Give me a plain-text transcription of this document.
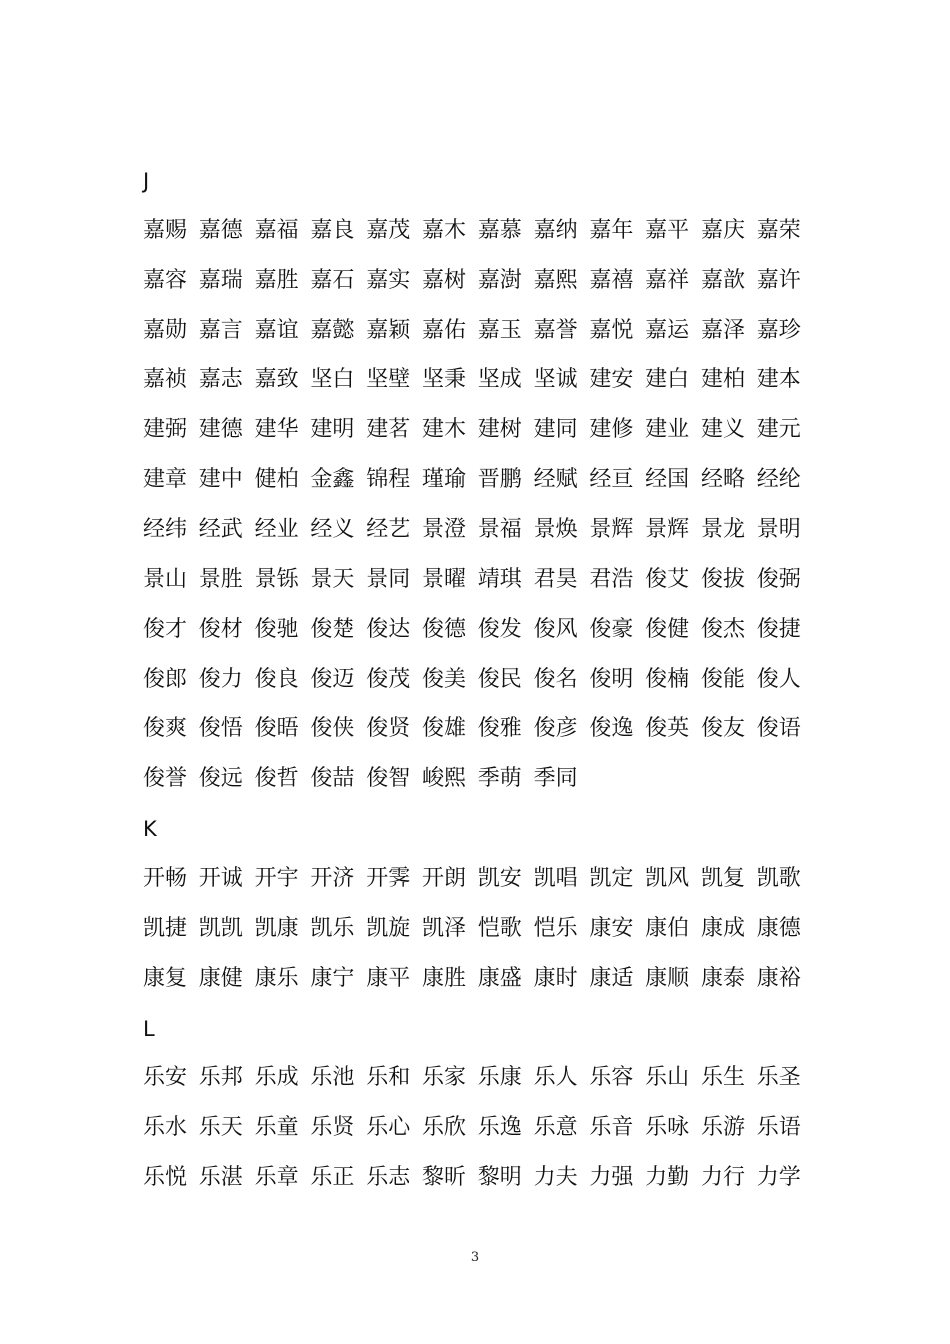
J
嘉赐 嘉德 嘉福 嘉良 嘉茂 嘉木 嘉慕 嘉纳 嘉年 嘉平 嘉庆 嘉荣
嘉容 嘉瑞 嘉胜 嘉石 嘉实 嘉树 嘉澍 嘉熙 嘉禧 嘉祥 嘉歆 嘉许
嘉勋 嘉言 嘉谊 嘉懿 嘉颖 嘉佑 嘉玉 嘉誉 嘉悦 嘉运 嘉泽 嘉珍
嘉祯 嘉志 嘉致 坚白 坚壁 坚秉 坚成 坚诚 建安 建白 建柏 建本
建弼 建德 建华 建明 建茗 建木 建树 建同 建修 建业 建义 建元
建章 建中 健柏 金鑫 锦程 瑾瑜 晋鹏 经赋 经亘 经国 经略 经纶
经纬 经武 经业 经义 经艺 景澄 景福 景焕 景辉 景辉 景龙 景明
景山 景胜 景铄 景天 景同 景曜 靖琪 君昊 君浩 俊艾 俊拔 俊弼
俊才 俊材 俊驰 俊楚 俊达 俊德 俊发 俊风 俊豪 俊健 俊杰 俊捷
俊郎 俊力 俊良 俊迈 俊茂 俊美 俊民 俊名 俊明 俊楠 俊能 俊人
俊爽 俊悟 俊晤 俊侠 俊贤 俊雄 俊雅 俊彦 俊逸 俊英 俊友 俊语
俊誉 俊远 俊哲 俊喆 俊智 峻熙 季萌 季同
K
开畅 开诚 开宇 开济 开霁 开朗 凯安 凯唱 凯定 凯风 凯复 凯歌
凯捷 凯凯 凯康 凯乐 凯旋 凯泽 恺歌 恺乐 康安 康伯 康成 康德
康复 康健 康乐 康宁 康平 康胜 康盛 康时 康适 康顺 康泰 康裕
L
乐安 乐邦 乐成 乐池 乐和 乐家 乐康 乐人 乐容 乐山 乐生 乐圣
乐水 乐天 乐童 乐贤 乐心 乐欣 乐逸 乐意 乐音 乐咏 乐游 乐语
乐悦 乐湛 乐章 乐正 乐志 黎昕 黎明 力夫 力强 力勤 力行 力学
3
